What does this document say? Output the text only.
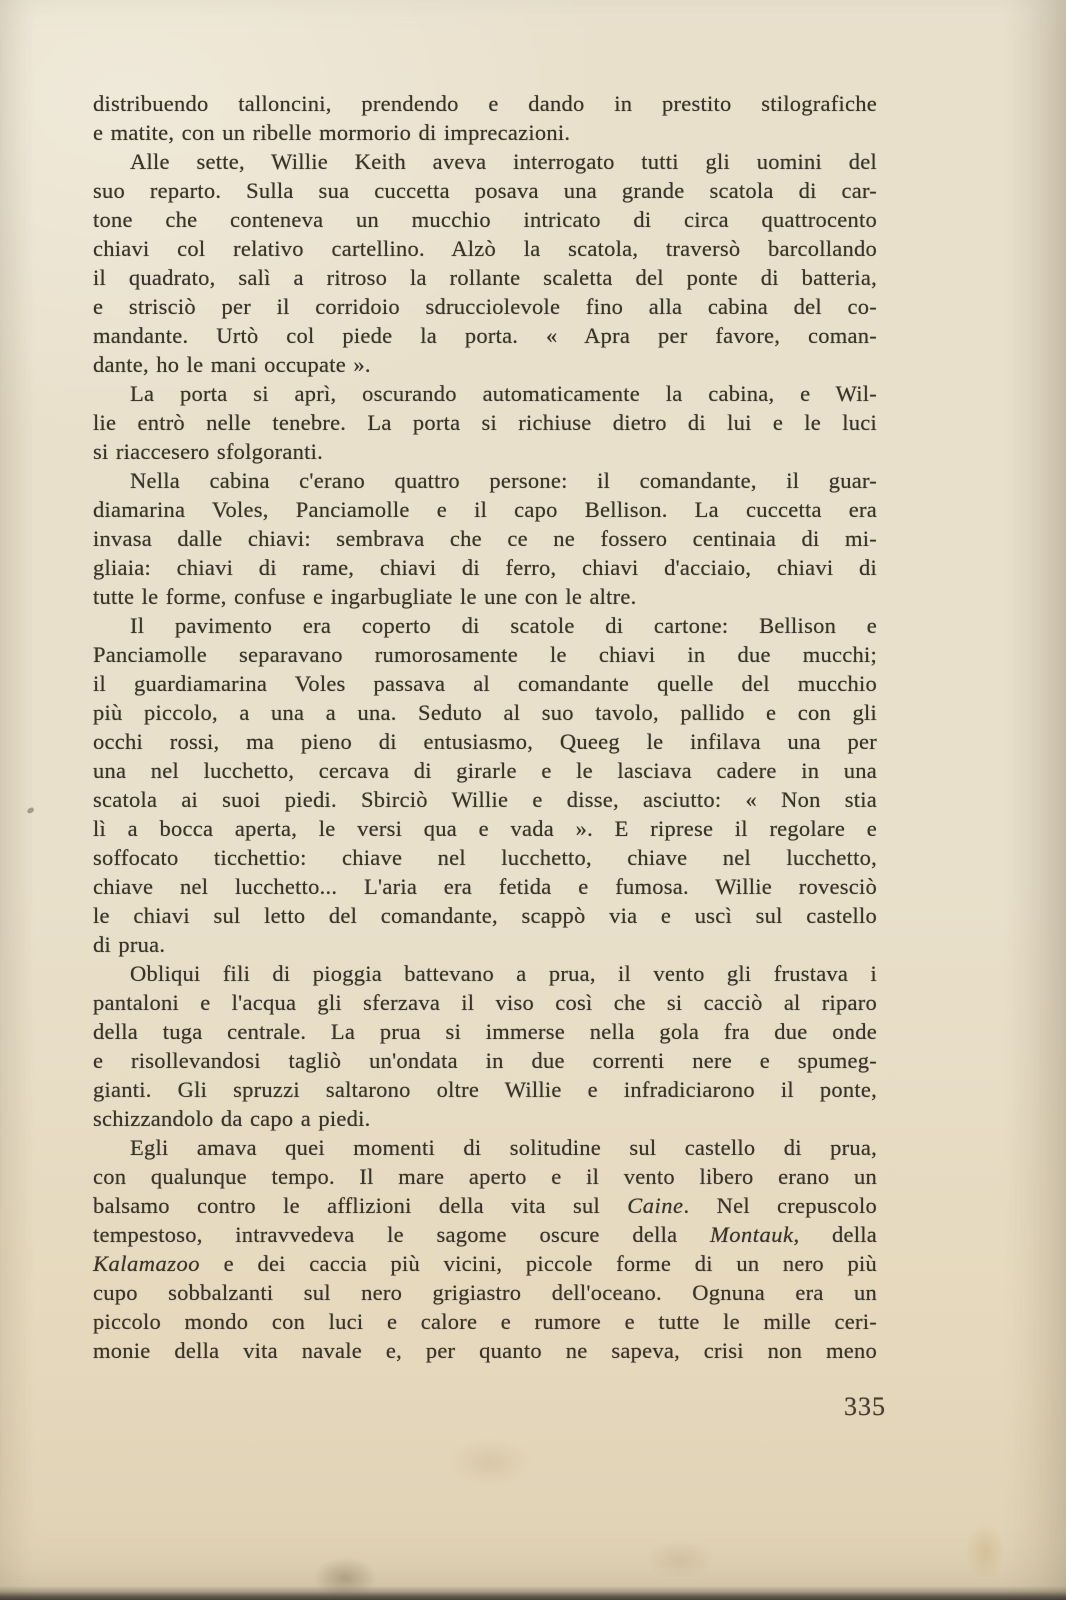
distribuendo talloncini, prendendo e dando in prestito stilografiche
e matite, con un ribelle mormorio di imprecazioni.
Alle sette, Willie Keith aveva interrogato tutti gli uomini del
suo reparto. Sulla sua cuccetta posava una grande scatola di car-
tone che conteneva un mucchio intricato di circa quattrocento
chiavi col relativo cartellino. Alzò la scatola, traversò barcollando
il quadrato, salì a ritroso la rollante scaletta del ponte di batteria,
e strisciò per il corridoio sdrucciolevole fino alla cabina del co-
mandante. Urtò col piede la porta. « Apra per favore, coman-
dante, ho le mani occupate ».
La porta si aprì, oscurando automaticamente la cabina, e Wil-
lie entrò nelle tenebre. La porta si richiuse dietro di lui e le luci
si riaccesero sfolgoranti.
Nella cabina c'erano quattro persone: il comandante, il guar-
diamarina Voles, Panciamolle e il capo Bellison. La cuccetta era
invasa dalle chiavi: sembrava che ce ne fossero centinaia di mi-
gliaia: chiavi di rame, chiavi di ferro, chiavi d'acciaio, chiavi di
tutte le forme, confuse e ingarbugliate le une con le altre.
Il pavimento era coperto di scatole di cartone: Bellison e
Panciamolle separavano rumorosamente le chiavi in due mucchi;
il guardiamarina Voles passava al comandante quelle del mucchio
più piccolo, a una a una. Seduto al suo tavolo, pallido e con gli
occhi rossi, ma pieno di entusiasmo, Queeg le infilava una per
una nel lucchetto, cercava di girarle e le lasciava cadere in una
scatola ai suoi piedi. Sbirciò Willie e disse, asciutto: « Non stia
lì a bocca aperta, le versi qua e vada ». E riprese il regolare e
soffocato ticchettio: chiave nel lucchetto, chiave nel lucchetto,
chiave nel lucchetto... L'aria era fetida e fumosa. Willie rovesciò
le chiavi sul letto del comandante, scappò via e uscì sul castello
di prua.
Obliqui fili di pioggia battevano a prua, il vento gli frustava i
pantaloni e l'acqua gli sferzava il viso così che si cacciò al riparo
della tuga centrale. La prua si immerse nella gola fra due onde
e risollevandosi tagliò un'ondata in due correnti nere e spumeg-
gianti. Gli spruzzi saltarono oltre Willie e infradiciarono il ponte,
schizzandolo da capo a piedi.
Egli amava quei momenti di solitudine sul castello di prua,
con qualunque tempo. Il mare aperto e il vento libero erano un
balsamo contro le afflizioni della vita sul Caine. Nel crepuscolo
tempestoso, intravvedeva le sagome oscure della Montauk, della
Kalamazoo e dei caccia più vicini, piccole forme di un nero più
cupo sobbalzanti sul nero grigiastro dell'oceano. Ognuna era un
piccolo mondo con luci e calore e rumore e tutte le mille ceri-
monie della vita navale e, per quanto ne sapeva, crisi non meno
335
